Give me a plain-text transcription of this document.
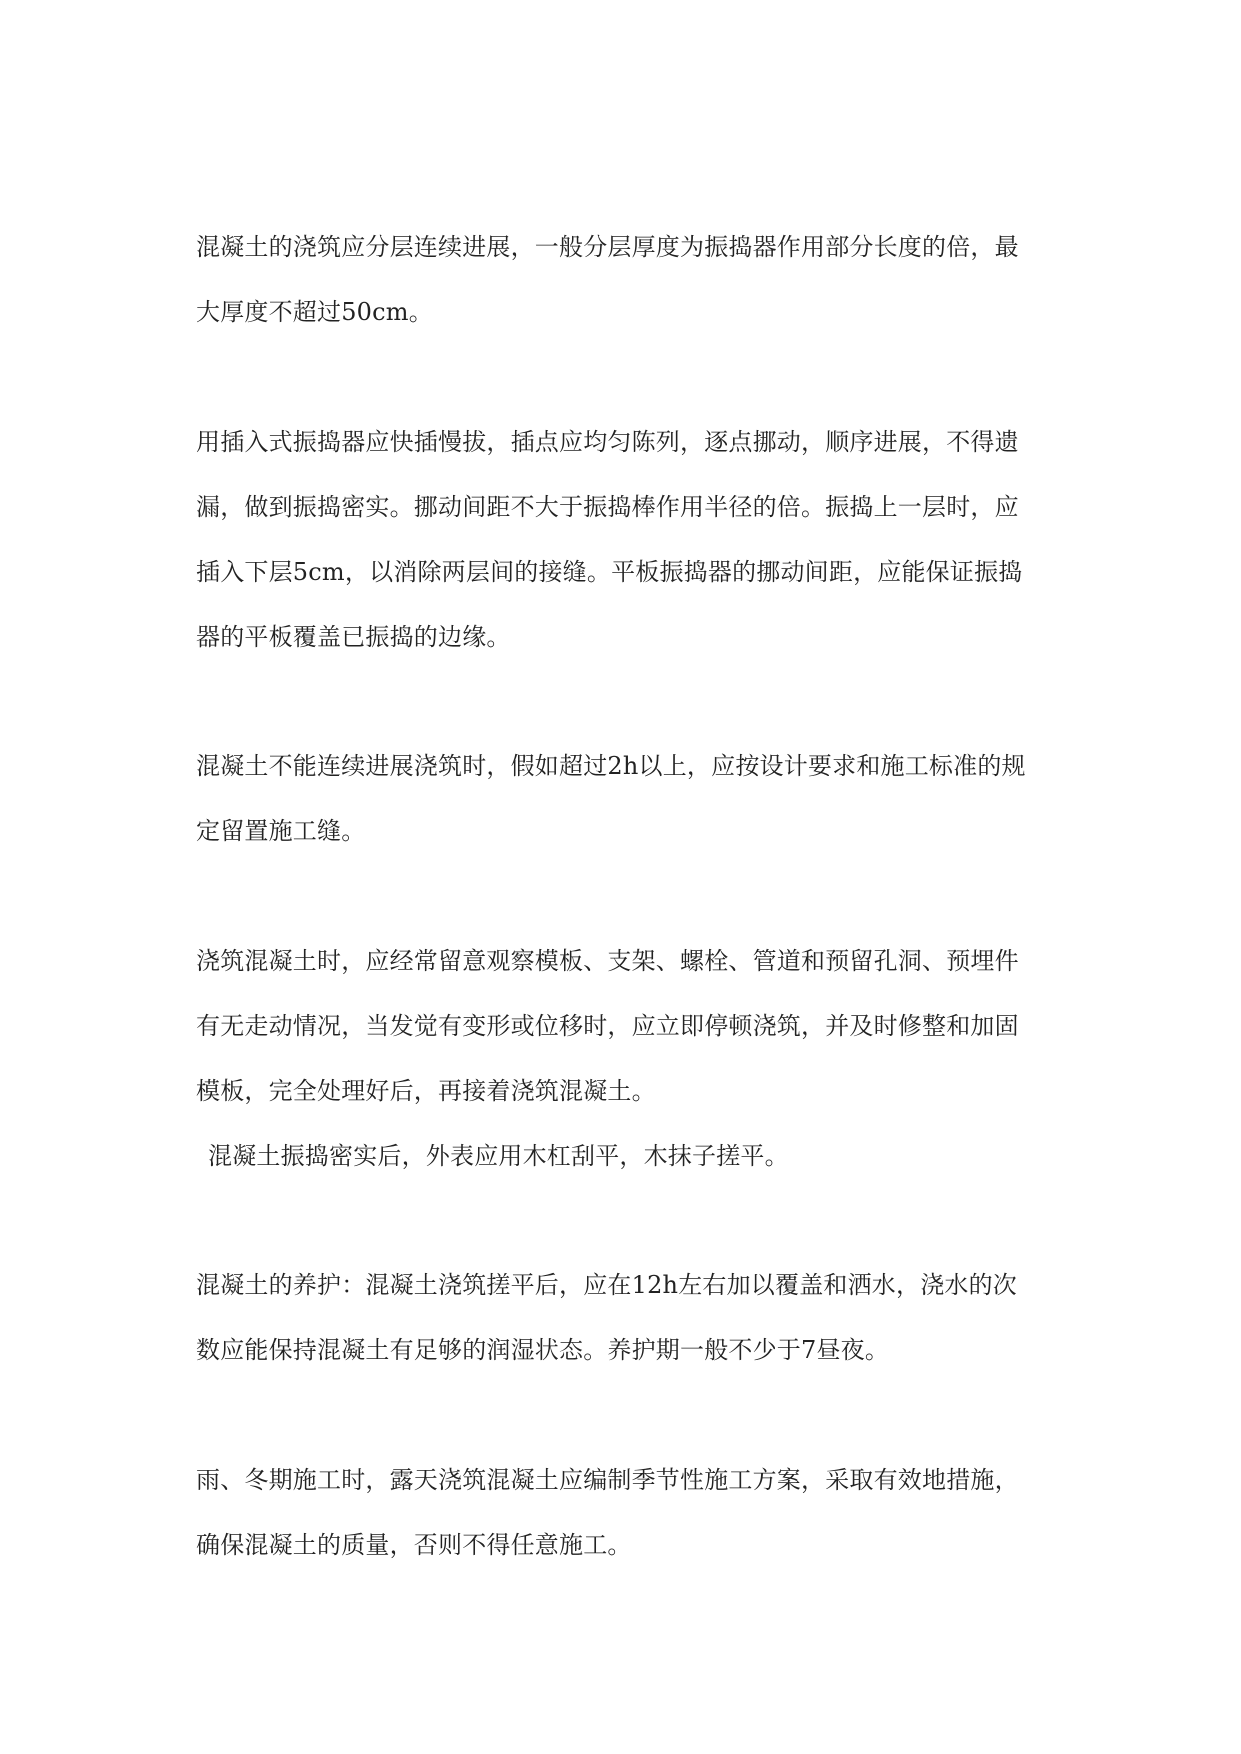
混凝土的浇筑应分层连续进展，一般分层厚度为振捣器作用部分长度的倍，最
大厚度不超过50cm。
用插入式振捣器应快插慢拔，插点应均匀陈列，逐点挪动，顺序进展，不得遗
漏，做到振捣密实。挪动间距不大于振捣棒作用半径的倍。振捣上一层时，应
插入下层5cm，以消除两层间的接缝。平板振捣器的挪动间距，应能保证振捣
器的平板覆盖已振捣的边缘。
混凝土不能连续进展浇筑时，假如超过2h以上，应按设计要求和施工标准的规
定留置施工缝。
浇筑混凝土时，应经常留意观察模板、支架、螺栓、管道和预留孔洞、预埋件
有无走动情况，当发觉有变形或位移时，应立即停顿浇筑，并及时修整和加固
模板，完全处理好后，再接着浇筑混凝土。
混凝土振捣密实后，外表应用木杠刮平，木抹子搓平。
混凝土的养护：混凝土浇筑搓平后，应在12h左右加以覆盖和洒水，浇水的次
数应能保持混凝土有足够的润湿状态。养护期一般不少于7昼夜。
雨、冬期施工时，露天浇筑混凝土应编制季节性施工方案，采取有效地措施，
确保混凝土的质量，否则不得任意施工。
